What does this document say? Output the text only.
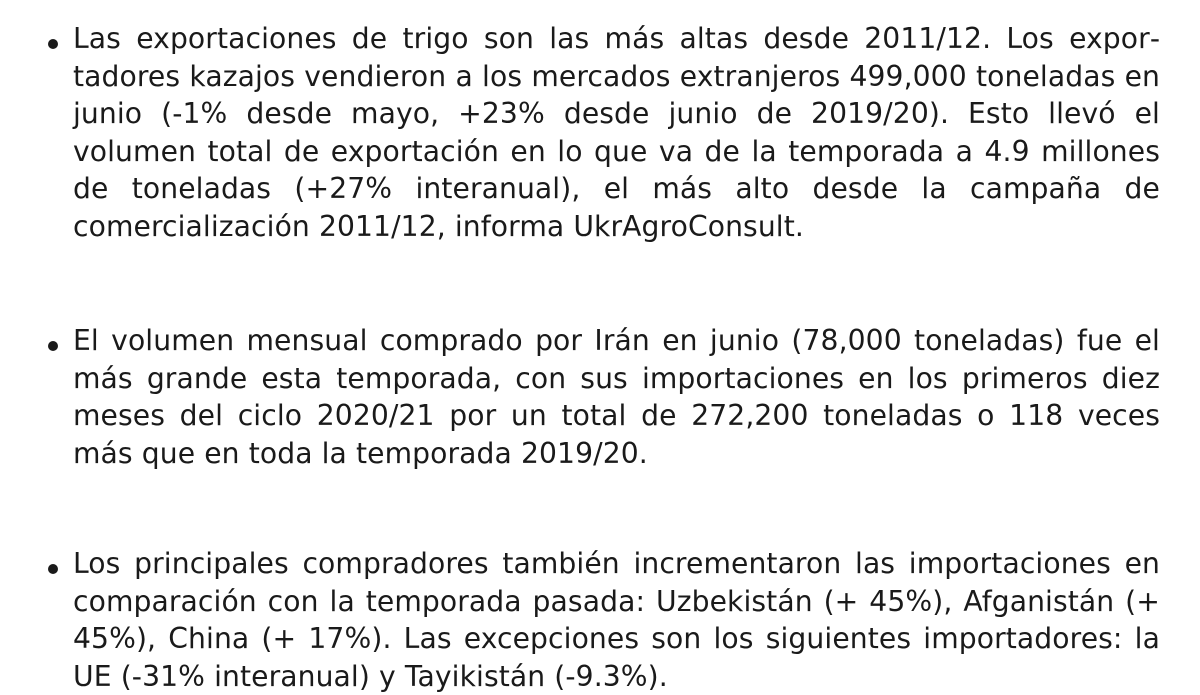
Las exportaciones de trigo son las más altas desde 2011/12. Los exportadores kazajos vendieron a los mercados extranjeros 499,000 toneladas en junio (-1% desde mayo, +23% desde junio de 2019/20). Esto llevó el volumen total de exportación en lo que va de la temporada a 4.9 millones de toneladas (+27% interanual), el más alto desde la campaña de comercialización 2011/12, informa UkrAgroConsult.
El volumen mensual comprado por Irán en junio (78,000 toneladas) fue el más grande esta temporada, con sus importaciones en los primeros diez meses del ciclo 2020/21 por un total de 272,200 toneladas o 118 veces más que en toda la temporada 2019/20.
Los principales compradores también incrementaron las importaciones en comparación con la temporada pasada: Uzbekistán (+ 45%), Afganistán (+ 45%), China (+ 17%). Las excepciones son los siguientes importadores: la UE (-31% interanual) y Tayikistán (-9.3%).
